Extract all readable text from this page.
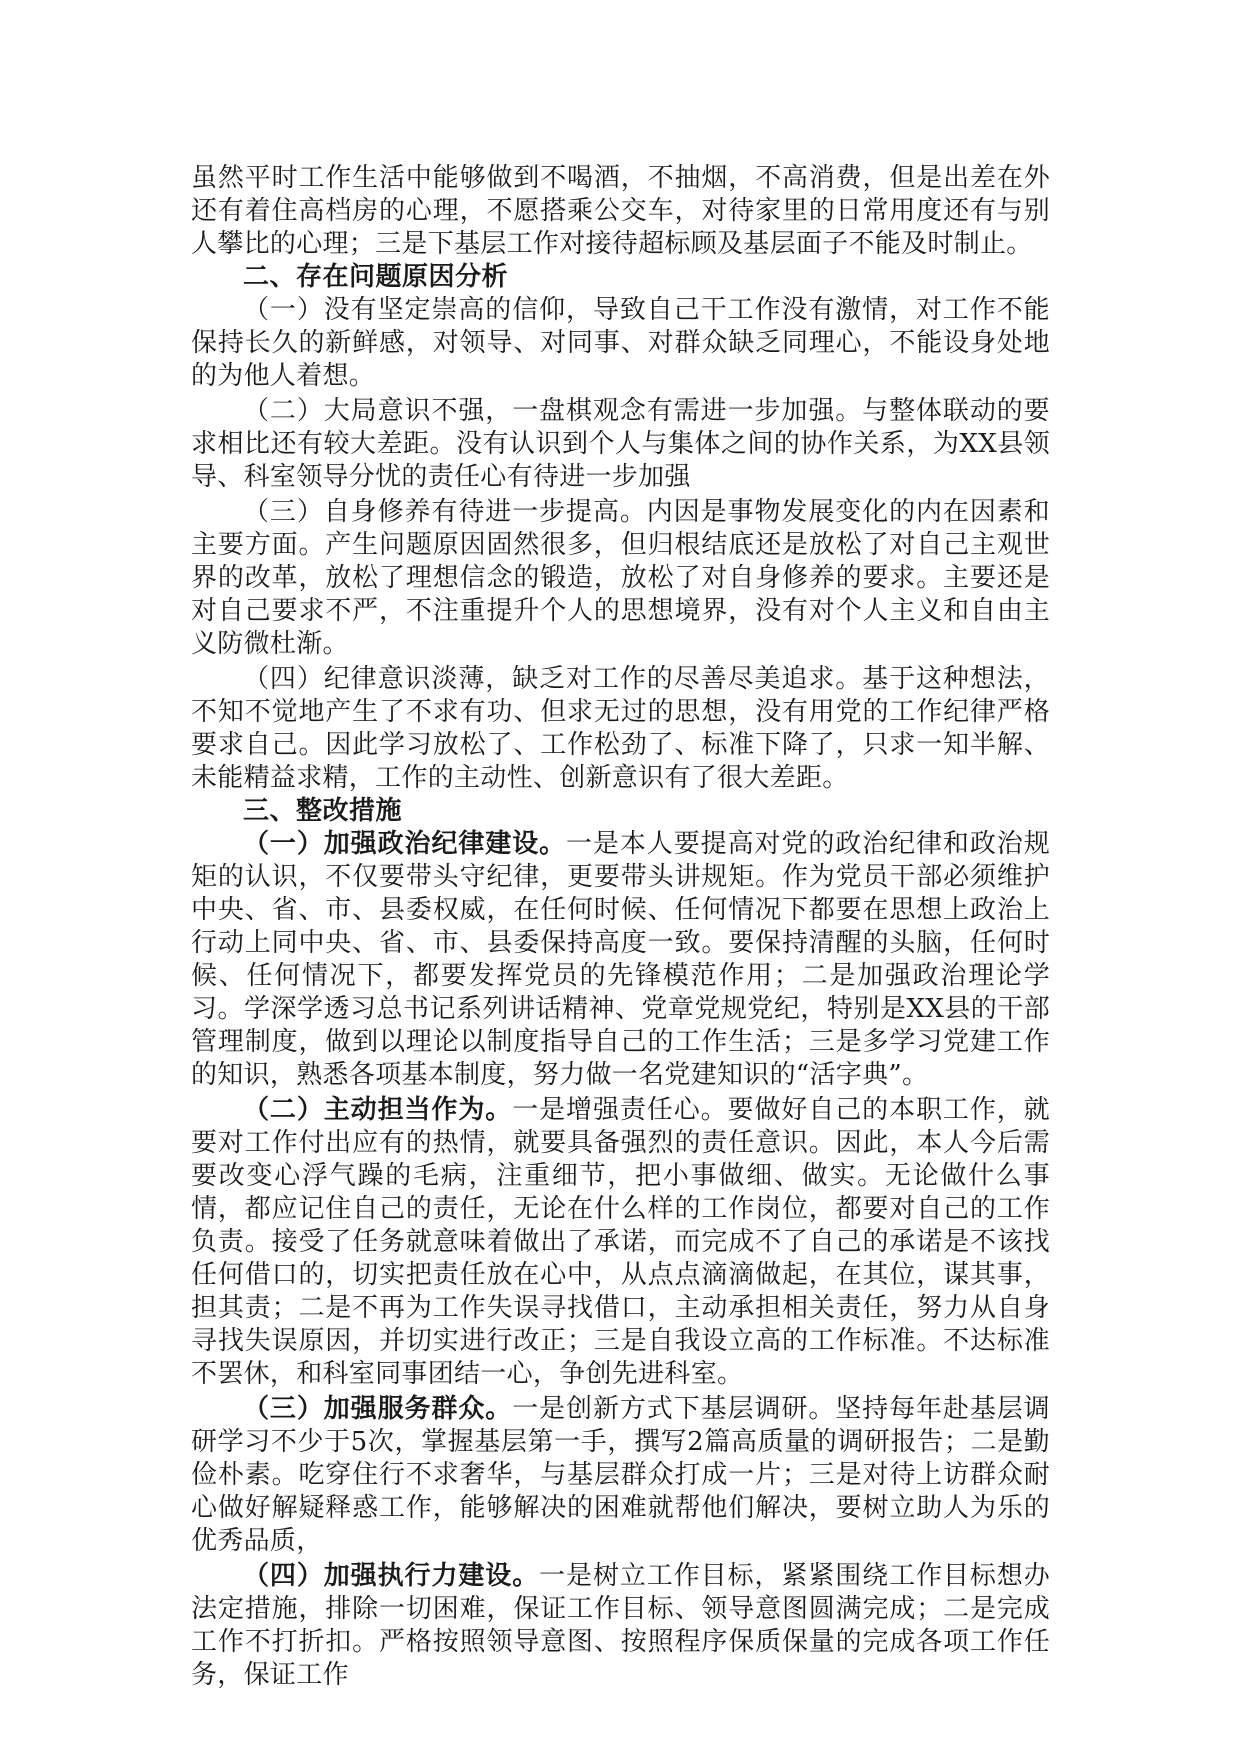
虽然平时工作生活中能够做到不喝酒，不抽烟，不高消费，但是出差在外还有着住高档房的心理，不愿搭乘公交车，对待家里的日常用度还有与别人攀比的心理；三是下基层工作对接待超标顾及基层面子不能及时制止。

二、存在问题原因分析

（一）没有坚定崇高的信仰，导致自己干工作没有激情，对工作不能保持长久的新鲜感，对领导、对同事、对群众缺乏同理心，不能设身处地的为他人着想。

（二）大局意识不强，一盘棋观念有需进一步加强。与整体联动的要求相比还有较大差距。没有认识到个人与集体之间的协作关系，为XX县领导、科室领导分忧的责任心有待进一步加强

（三）自身修养有待进一步提高。内因是事物发展变化的内在因素和主要方面。产生问题原因固然很多，但归根结底还是放松了对自己主观世界的改革，放松了理想信念的锻造，放松了对自身修养的要求。主要还是对自己要求不严，不注重提升个人的思想境界，没有对个人主义和自由主义防微杜渐。

（四）纪律意识淡薄，缺乏对工作的尽善尽美追求。基于这种想法，不知不觉地产生了不求有功、但求无过的思想，没有用党的工作纪律严格要求自己。因此学习放松了、工作松劲了、标准下降了，只求一知半解、未能精益求精，工作的主动性、创新意识有了很大差距。

三、整改措施

（一）加强政治纪律建设。一是本人要提高对党的政治纪律和政治规矩的认识，不仅要带头守纪律，更要带头讲规矩。作为党员干部必须维护中央、省、市、县委权威，在任何时候、任何情况下都要在思想上政治上行动上同中央、省、市、县委保持高度一致。要保持清醒的头脑，任何时候、任何情况下，都要发挥党员的先锋模范作用；二是加强政治理论学习。学深学透习总书记系列讲话精神、党章党规党纪，特别是XX县的干部管理制度，做到以理论以制度指导自己的工作生活；三是多学习党建工作的知识，熟悉各项基本制度，努力做一名党建知识的“活字典”。

（二）主动担当作为。一是增强责任心。要做好自己的本职工作，就要对工作付出应有的热情，就要具备强烈的责任意识。因此，本人今后需要改变心浮气躁的毛病，注重细节，把小事做细、做实。无论做什么事情，都应记住自己的责任，无论在什么样的工作岗位，都要对自己的工作负责。接受了任务就意味着做出了承诺，而完成不了自己的承诺是不该找任何借口的，切实把责任放在心中，从点点滴滴做起，在其位，谋其事，担其责；二是不再为工作失误寻找借口，主动承担相关责任，努力从自身寻找失误原因，并切实进行改正；三是自我设立高的工作标准。不达标准不罢休，和科室同事团结一心，争创先进科室。

（三）加强服务群众。一是创新方式下基层调研。坚持每年赴基层调研学习不少于5次，掌握基层第一手，撰写2篇高质量的调研报告；二是勤俭朴素。吃穿住行不求奢华，与基层群众打成一片；三是对待上访群众耐心做好解疑释惑工作，能够解决的困难就帮他们解决，要树立助人为乐的优秀品质，

（四）加强执行力建设。一是树立工作目标，紧紧围绕工作目标想办法定措施，排除一切困难，保证工作目标、领导意图圆满完成；二是完成工作不打折扣。严格按照领导意图、按照程序保质保量的完成各项工作任务，保证工作
